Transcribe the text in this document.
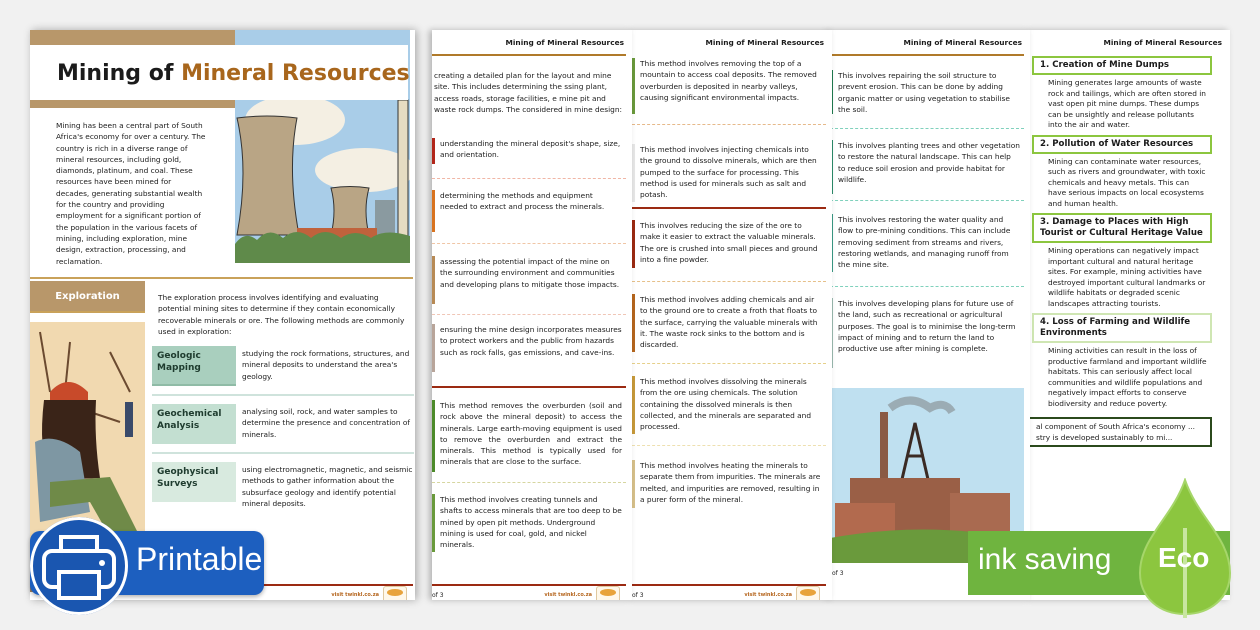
Mining of Mineral Resources
1. Creation of Mine Dumps
Mining generates large amounts of waste rock and tailings, which are often stored in vast open pit mine dumps. These dumps can be unsightly and release pollutants into the air and water.
2. Pollution of Water Resources
Mining can contaminate water resources, such as rivers and groundwater, with toxic chemicals and heavy metals. This can have serious impacts on local ecosystems and human health.
3. Damage to Places with High Tourist or Cultural Heritage Value
Mining operations can negatively impact important cultural and natural heritage sites. For example, mining activities have destroyed important cultural landmarks or wildlife habitats or degraded scenic landscapes attracting tourists.
4. Loss of Farming and Wildlife Environments
Mining activities can result in the loss of productive farmland and important wildlife habitats. This can seriously affect local communities and wildlife populations and negatively impact efforts to conserve biodiversity and reduce poverty.
al component of South Africa's economy ... stry is developed sustainably to mi...
Mining of Mineral Resources
This involves repairing the soil structure to prevent erosion. This can be done by adding organic matter or using vegetation to stabilise the soil.
This involves planting trees and other vegetation to restore the natural landscape. This can help to reduce soil erosion and provide habitat for wildlife.
This involves restoring the water quality and flow to pre-mining conditions. This can include removing sediment from streams and rivers, restoring wetlands, and managing runoff from the mine site.
This involves developing plans for future use of the land, such as recreational or agricultural purposes. The goal is to minimise the long-term impact of mining and to return the land to productive use after mining is complete.
of 3
Mining of Mineral Resources
This method involves removing the top of a mountain to access coal deposits. The removed overburden is deposited in nearby valleys, causing significant environmental impacts.
This method involves injecting chemicals into the ground to dissolve minerals, which are then pumped to the surface for processing. This method is used for minerals such as salt and potash.
This involves reducing the size of the ore to make it easier to extract the valuable minerals. The ore is crushed into small pieces and ground into a fine powder.
This method involves adding chemicals and air to the ground ore to create a froth that floats to the surface, carrying the valuable minerals with it. The waste rock sinks to the bottom and is discarded.
This method involves dissolving the minerals from the ore using chemicals. The solution containing the dissolved minerals is then collected, and the minerals are separated and processed.
This method involves heating the minerals to separate them from impurities. The minerals are melted, and impurities are removed, resulting in a purer form of the mineral.
of 3	visit twinkl.co.za
Mining of Mineral Resources
creating a detailed plan for the layout and mine site. This includes determining the ssing plant, access roads, storage facilities, e mine pit and waste rock dumps. The considered in mine design:
understanding the mineral deposit's shape, size, and orientation.
determining the methods and equipment needed to extract and process the minerals.
assessing the potential impact of the mine on the surrounding environment and communities and developing plans to mitigate those impacts.
ensuring the mine design incorporates measures to protect workers and the public from hazards such as rock falls, gas emissions, and cave-ins.
This method removes the overburden (soil and rock above the mineral deposit) to access the minerals. Large earth-moving equipment is used to remove the overburden and extract the minerals. This method is typically used for minerals that are close to the surface.
This method involves creating tunnels and shafts to access minerals that are too deep to be mined by open pit methods. Underground mining is used for coal, gold, and nickel minerals.
of 3	visit twinkl.co.za
Mining of Mineral Resources
Mining has been a central part of South Africa's economy for over a century. The country is rich in a diverse range of mineral resources, including gold, diamonds, platinum, and coal. These resources have been mined for decades, generating substantial wealth for the country and providing employment for a significant portion of the population in the various facets of mining, including exploration, mine design, extraction, processing, and reclamation.
Exploration	The exploration process involves identifying and evaluating potential mining sites to determine if they contain economically recoverable minerals or ore. The following methods are commonly used in exploration:
Geologic Mapping
studying the rock formations, structures, and mineral deposits to understand the area's geology.
Geochemical Analysis
analysing soil, rock, and water samples to determine the presence and concentration of minerals.
Geophysical Surveys
using electromagnetic, magnetic, and seismic methods to gather information about the subsurface geology and identify potential mineral deposits.
visit twinkl.co.za
Printable	ink saving Eco
